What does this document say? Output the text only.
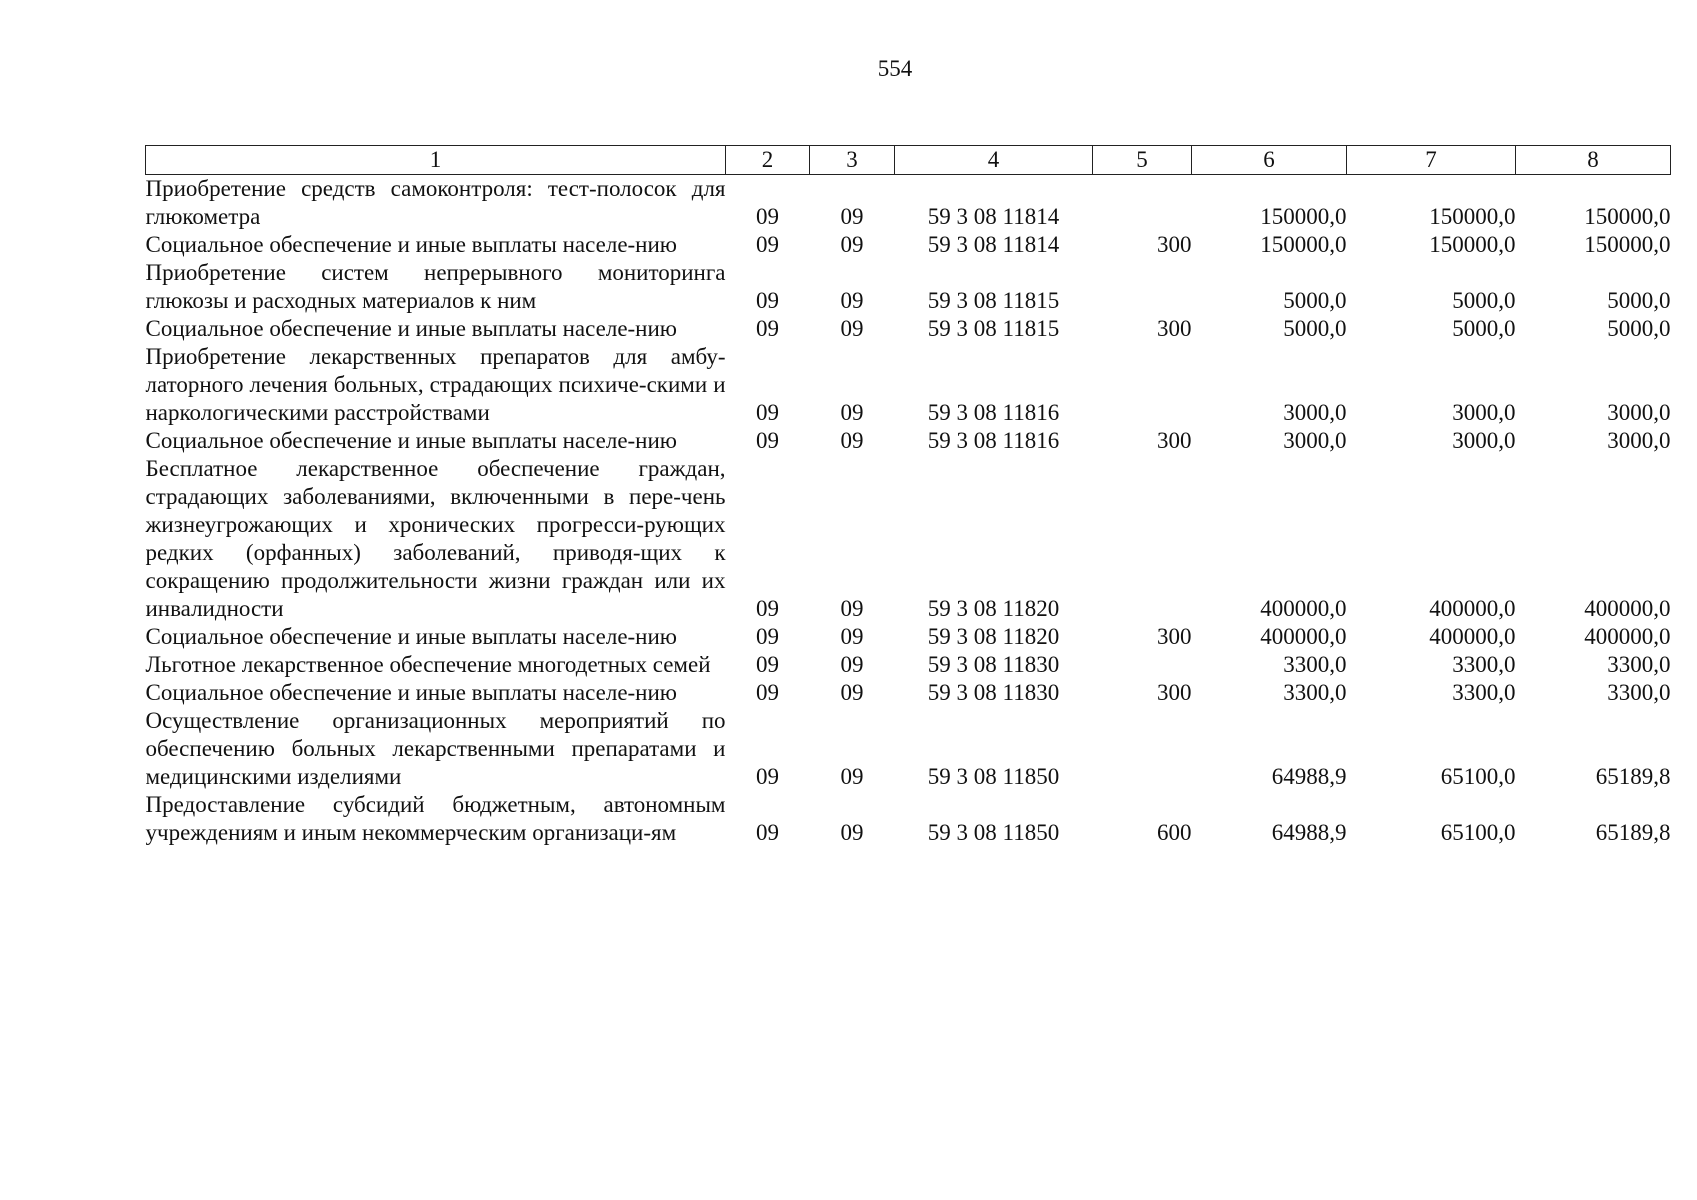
554
1	2	3	4	5	6	7	8
Приобретение средств самоконтроля: тест-полосок для глюкометра	09	09	59 3 08 11814		150000,0	150000,0	150000,0
Социальное обеспечение и иные выплаты населе-нию	09	09	59 3 08 11814	300	150000,0	150000,0	150000,0
Приобретение систем непрерывного мониторинга глюкозы и расходных материалов к ним	09	09	59 3 08 11815		5000,0	5000,0	5000,0
Социальное обеспечение и иные выплаты населе-нию	09	09	59 3 08 11815	300	5000,0	5000,0	5000,0
Приобретение лекарственных препаратов для амбу-латорного лечения больных, страдающих психиче-скими и наркологическими расстройствами	09	09	59 3 08 11816		3000,0	3000,0	3000,0
Социальное обеспечение и иные выплаты населе-нию	09	09	59 3 08 11816	300	3000,0	3000,0	3000,0
Бесплатное лекарственное обеспечение граждан, страдающих заболеваниями, включенными в пере-чень жизнеугрожающих и хронических прогресси-рующих редких (орфанных) заболеваний, приводя-щих к сокращению продолжительности жизни граждан или их инвалидности	09	09	59 3 08 11820		400000,0	400000,0	400000,0
Социальное обеспечение и иные выплаты населе-нию	09	09	59 3 08 11820	300	400000,0	400000,0	400000,0
Льготное лекарственное обеспечение многодетных семей	09	09	59 3 08 11830		3300,0	3300,0	3300,0
Социальное обеспечение и иные выплаты населе-нию	09	09	59 3 08 11830	300	3300,0	3300,0	3300,0
Осуществление организационных мероприятий по обеспечению больных лекарственными препаратами и медицинскими изделиями	09	09	59 3 08 11850		64988,9	65100,0	65189,8
Предоставление субсидий бюджетным, автономным учреждениям и иным некоммерческим организаци-ям	09	09	59 3 08 11850	600	64988,9	65100,0	65189,8
